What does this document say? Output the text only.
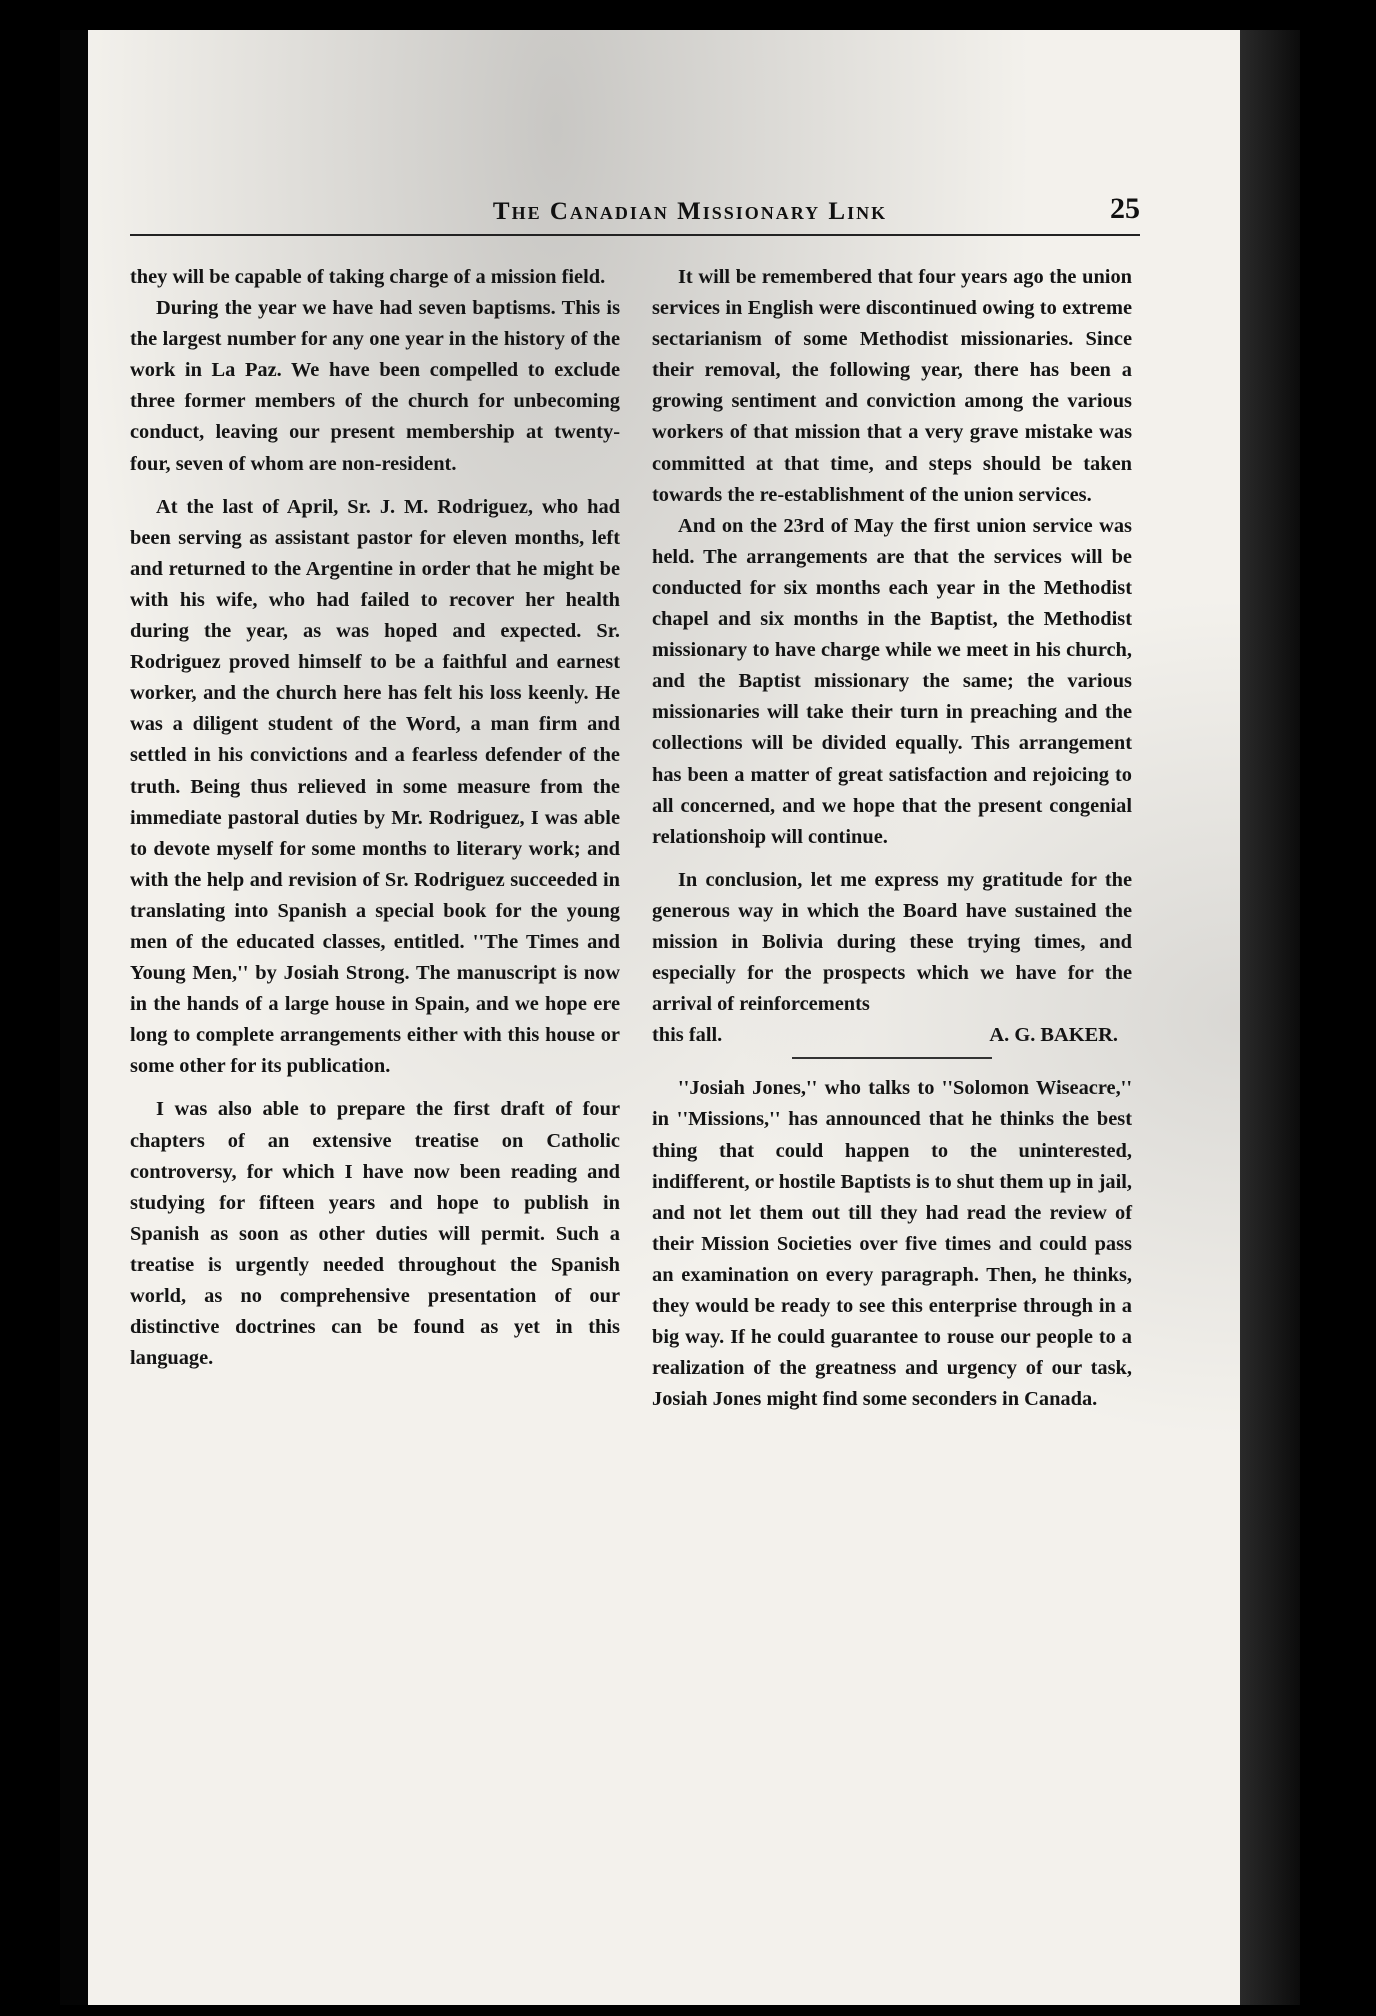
The Canadian Missionary Link	25

they will be capable of taking charge of a mission field.

During the year we have had seven baptisms. This is the largest number for any one year in the history of the work in La Paz. We have been compelled to exclude three former members of the church for unbecoming conduct, leaving our present membership at twenty-four, seven of whom are non-resident.

At the last of April, Sr. J. M. Rodriguez, who had been serving as assistant pastor for eleven months, left and returned to the Argentine in order that he might be with his wife, who had failed to recover her health during the year, as was hoped and expected. Sr. Rodriguez proved himself to be a faithful and earnest worker, and the church here has felt his loss keenly. He was a diligent student of the Word, a man firm and settled in his convictions and a fearless defender of the truth. Being thus relieved in some measure from the immediate pastoral duties by Mr. Rodriguez, I was able to devote myself for some months to literary work; and with the help and revision of Sr. Rodriguez succeeded in translating into Spanish a special book for the young men of the educated classes, entitled. ''The Times and Young Men,'' by Josiah Strong. The manuscript is now in the hands of a large house in Spain, and we hope ere long to complete arrangements either with this house or some other for its publication.

I was also able to prepare the first draft of four chapters of an extensive treatise on Catholic controversy, for which I have now been reading and studying for fifteen years and hope to publish in Spanish as soon as other duties will permit. Such a treatise is urgently needed throughout the Spanish world, as no comprehensive presentation of our distinctive doctrines can be found as yet in this language.

It will be remembered that four years ago the union services in English were discontinued owing to extreme sectarianism of some Methodist missionaries. Since their removal, the following year, there has been a growing sentiment and conviction among the various workers of that mission that a very grave mistake was committed at that time, and steps should be taken towards the re-establishment of the union services.

And on the 23rd of May the first union service was held. The arrangements are that the services will be conducted for six months each year in the Methodist chapel and six months in the Baptist, the Methodist missionary to have charge while we meet in his church, and the Baptist missionary the same; the various missionaries will take their turn in preaching and the collections will be divided equally. This arrangement has been a matter of great satisfaction and rejoicing to all concerned, and we hope that the present congenial relationshoip will continue.

In conclusion, let me express my gratitude for the generous way in which the Board have sustained the mission in Bolivia during these trying times, and especially for the prospects which we have for the arrival of reinforcements

this fall.	A. G. BAKER.

''Josiah Jones,'' who talks to ''Solomon Wiseacre,'' in ''Missions,'' has announced that he thinks the best thing that could happen to the uninterested, indifferent, or hostile Baptists is to shut them up in jail, and not let them out till they had read the review of their Mission Societies over five times and could pass an examination on every paragraph. Then, he thinks, they would be ready to see this enterprise through in a big way. If he could guarantee to rouse our people to a realization of the greatness and urgency of our task, Josiah Jones might find some seconders in Canada.
